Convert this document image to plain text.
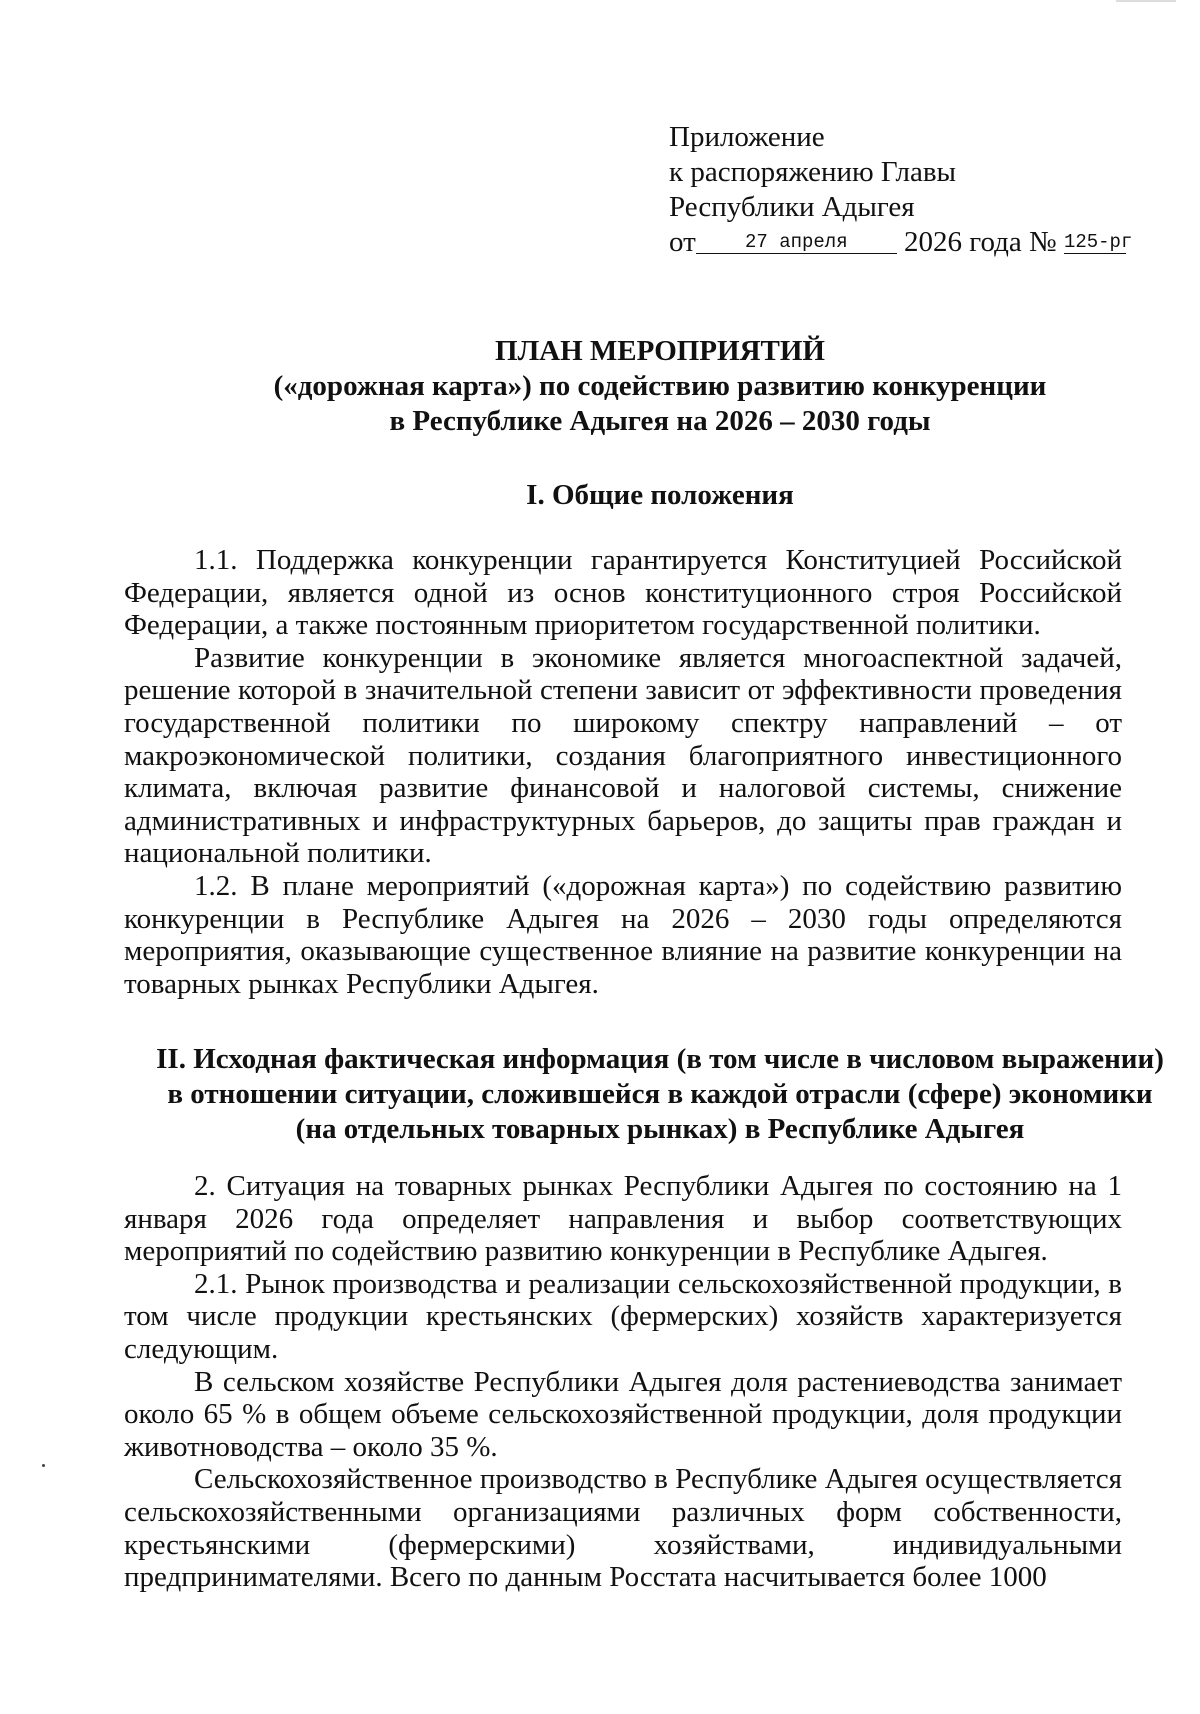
Приложение
к распоряжению Главы
Республики Адыгея
от	27 апреля 2026 года № 125-рг
ПЛАН МЕРОПРИЯТИЙ
(«дорожная карта») по содействию развитию конкуренции
в Республике Адыгея на 2026 – 2030 годы
I. Общие положения

1.1. Поддержка конкуренции гарантируется Конституцией Российской Федерации, является одной из основ конституционного строя Российской Федерации, а также постоянным приоритетом государственной политики.

Развитие конкуренции в экономике является многоаспектной задачей, решение которой в значительной степени зависит от эффективности проведения государственной политики по широкому спектру направлений – от макроэкономической политики, создания благоприятного инвестиционного климата, включая развитие финансовой и налоговой системы, снижение административных и инфраструктурных барьеров, до защиты прав граждан и национальной политики.

1.2. В плане мероприятий («дорожная карта») по содействию развитию конкуренции в Республике Адыгея на 2026 – 2030 годы определяются мероприятия, оказывающие существенное влияние на развитие конкуренции на товарных рынках Республики Адыгея.

II. Исходная фактическая информация (в том числе в числовом выражении)
в отношении ситуации, сложившейся в каждой отрасли (сфере) экономики
(на отдельных товарных рынках) в Республике Адыгея

2. Ситуация на товарных рынках Республики Адыгея по состоянию на 1 января 2026 года определяет направления и выбор соответствующих мероприятий по содействию развитию конкуренции в Республике Адыгея.

2.1. Рынок производства и реализации сельскохозяйственной продукции, в том числе продукции крестьянских (фермерских) хозяйств характеризуется следующим.

В сельском хозяйстве Республики Адыгея доля растениеводства занимает около 65 % в общем объеме сельскохозяйственной продукции, доля продукции животноводства – около 35 %.

Сельскохозяйственное производство в Республике Адыгея осуществляется сельскохозяйственными организациями различных форм собственности, крестьянскими (фермерскими) хозяйствами, индивидуальными предпринимателями. Всего по данным Росстата насчитывается более 1000
